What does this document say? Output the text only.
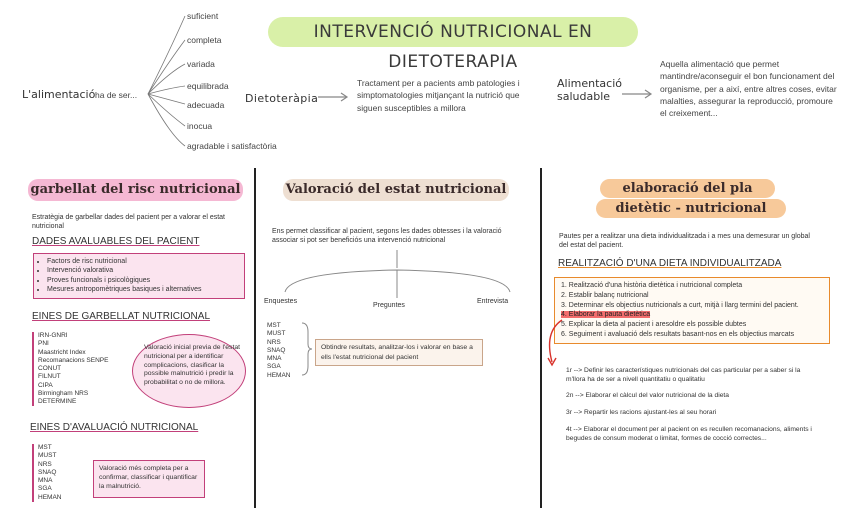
INTERVENCIÓ NUTRICIONAL EN DIETOTERAPIA
L'alimentació ha de ser...
suficient
completa
variada
equilibrada
adecuada
inocua
agradable i satisfactòria
Dietoteràpia
Tractament per a pacients amb patologies i simptomatologies mitjançant la nutrició que siguen susceptibles a millora
Alimentació saludable
Aquella alimentació que permet mantindre/aconseguir el bon funcionament del organisme, per a així, entre altres coses, evitar malalties, assegurar la reproducció, promoure el creixement...
garbellat del risc nutricional
Estratègia de garbellar dades del pacient per a valorar el estat nutricional
DADES AVALUABLES DEL PACIENT
• Factors de risc nutricional
• Intervenció valorativa
• Proves funcionals i psicològiques
• Mesures antropomètriques basiques i alternatives
EINES DE GARBELLAT NUTRICIONAL
IRN-GNRI
PNI
Maastricht Index
Recomanacions SENPE
CONUT
FILNUT
CIPA
Birmingham NRS
DETERMINE
Valoració inicial previa de l'estat nutricional per a identificar complicacions, clasificar la possible malnutrició i predir la probabilitat o no de millora.
EINES D'AVALUACIÓ NUTRICIONAL
MST
MUST
NRS
SNAQ
MNA
SGA
HEMAN
Valoració més completa per a confirmar, classificar i quantificar la malnutrició.
Valoració del estat nutricional
Ens permet classificar al pacient, segons les dades obtesses i la valoració associar si pot ser beneficiós una intervenció nutricional
Enquestes
Preguntes
Entrevista
MST
MUST
NRS
SNAQ
MNA
SGA
HEMAN
Obtindre resultats, analitzar-los i valorar en base a ells l'estat nutricional del pacient
elaboració del pla
dietètic - nutricional
Pautes per a realitzar una dieta individualitzada i a mes una demesurar un global del estat del pacient.
REALITZACIÓ D'UNA DIETA INDIVIDUALITZADA
1. Realització d'una història dietètica i nutricional completa
2. Establir balanç nutricional
3. Determinar els objectius nutricionals a curt, mitjà i llarg termini del pacient.
4. Elaborar la pauta dietètica
5. Explicar la dieta al pacient i aresoldre els possible dubtes
6. Seguiment i avaluació dels resultats basant-nos en els objectius marcats
1r --> Definir les característiques nutricionals del cas particular per a saber si la m'llora ha de ser a nivell quantitatiu o qualitatiu
2n --> Elaborar el càlcul del valor nutricional de la dieta
3r --> Repartir les racions ajustant-les al seu horari
4t --> Elaborar el document per al pacient on es recullen recomanacions, aliments i begudes de consum moderat o limitat, formes de cocció correctes...
